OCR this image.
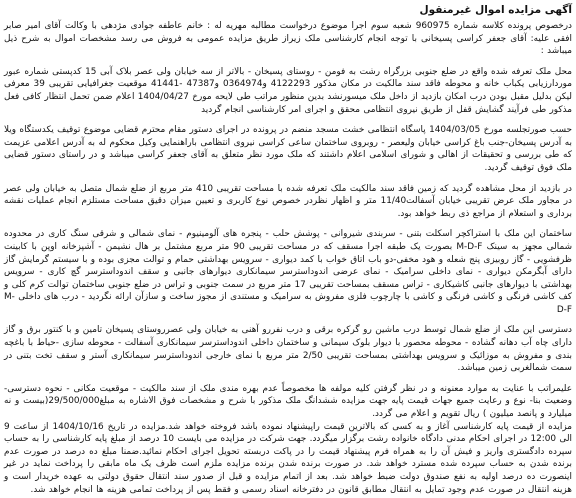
آگهی مزایده اموال غیرمنقول

درخصوص پرونده کلاسه شماره 960975 شعبه سوم اجرا موضوع درخواست مطالبه مهریه له : خانم عاطفه جوادی مژدهی با وکالت آقای امیر صابر افقی علیه: آقای جعفر کراسی پسیخانی با توجه انجام کارشناسی ملک زیراز طریق مزایده عمومی به فروش می رسد مشخصات اموال به شرح ذیل میباشد :

محل ملک تعرفه شده واقع در ضلع جنوبی بزرگراه رشت به فومن - روستای پسیخان - بالاتر از سه خیابان ولی عصر بلاک آبی 15 کدپستی شماره عبور موردارزیابی یکباب خانه و محوطه فاقد سند مالکیت در مکان مذکور 4122293 و0364974 و47387 -41441 موقعیت جغرافیایی تقریبی 39 معرفی لیکن بدلیل مقبل بودن درب امکان بازدید از داخل ملک میسورنشد بدین منظور مراتب طی لایحه مورخ 1404/04/27 اعلام ضمن تحمل انتظار کافی فعل مذکور طی فرآیند گشایش قفل از طریق نیروی انتظامی محقق و اجرای امر کارشناسی انجام گردید

حسب صورتجلسه مورخ 1404/03/05 پاسگاه انتظامی خشت مسجد منضم در پرونده در اجرای دستور مقام محترم قضایی موضوع توقیف یکدستگاه ویلا به آدرس پسیخان-جنب باغ کراسی خیابان ولیعصر - روبروی ساختمان ساعی کراسی نیروی انتظامی باراهنمایی وکیل محکوم له به آدرس اعلامی عزیمت که طی بررسی و تحقیقات از اهالی و شورای اسلامی اعلام داشتند که ملک مورد نظر متعلق به آقای جعفر کراسی میباشد و در راستای دستور قضایی ملک فوق توقیف گردید.

در بازدید از محل مشاهده گردید که زمین فاقد سند مالکیت ملک تعرفه شده با مساحت تقریبی 410 متر مربع از ضلع شمال متصل به خیابان ولی عصر در مجاور ملک عرض تقریبی خیابان آسفالت11/40 متر و اظهار نظردر خصوص نوع کاربری و تعیین میزان دقیق مساحت مستلزم انجام عملیات نقشه برداری و استعلام از مراجع ذی ربط خواهد بود.

ساختمان این ملک با استراکچر اسکلت بتنی - سربندی شیروانی - پوشش حلب - پنجره های آلومینیوم - نمای شمالی و شرقی سنگ کاری در محدوده شمالی مجهز به سینک M-D-F بصورت یک طبقه اجرا مسقف که در مساحت تقریبی 90 متر مربع مشتمل بر هال نشیمن - آشپزخانه اوپن با کابینت ظرفشویی - گاز روبیزی پنج شعله و هود مخفی-دو باب اتاق خواب با کمد دیواری - سرویس بهداشتی حمام و توالت مجزی بوده و با سیستم گرمایش گاز دارای آبگرمکن دیواری - نمای داخلی سرامیک - نمای عرضی اندوداسترسر سیمانکاری دیوارهای جانبی و سقف اندوداسترسر گچ کاری - سرویس بهداشتی با دیوارهای جانبی کاشیکاری - تراس مسقف بمساحت تقریبی 17 متر مربع در سمت جنوبی و تراس در ضلع جنوبی ساختمان توالت کرم کلی و کف کاشی فرنگی و کاشی فرنگی و کاشی با چارچوب فلزی مفروش به سرامیک و مستندی از مجوز ساخت و سازآن ارائه نگردید - درب های داخلی M-D-F

دسترسی این ملک از ضلع شمال توسط درب ماشین رو گرکره برقی و درب نفررو آهنی به خیابان ولی عصرروستای پسیخان تامین و با کنتور برق و گاز دارای چاه آب دهانه گشاده - محوطه محصور با دیوار بلوک سیمانی و ساختمان داخلی اندوداسترسر سیمانکاری آسفالت - محوطه سازی -حیاط با باغچه بندی و مفروش به موزائیک و سرویس بهداشتی بمساحت تقریبی 2/50 متر مربع با نمای خارجی اندوداسترسر سیمانکاری آستر و سقف تخت بتنی در سمت شمالغربی زمین میباشد.

علیمراتب با عنایت به موارد معنونه و در نظر گرفتن کلیه مولفه ها مخصوصاً عدم بهره مندی ملک از سند مالکیت - موقعیت مکانی - نحوه دسترسی- وضعیت بنا- نوع و رعایت جمیع جهات قیمت پایه جهت مزایده ششدانگ ملک مذکور با شرح و مشخصات فوق الاشاره به مبلغ29/500/000(بیست و نه میلیارد و پانصد میلیون ) ریال تقویم و اعلام می گردد.

مزایده از قیمت پایه کارشناسی آغاز و به کسی که بالاترین قیمت راپیشنهاد نموده باشد فروخته خواهد شد.مزایده در تاریخ 1404/10/16 از ساعت 9 الی 12:00 در اجرای احکام مدنی دادگاه خانواده رشت برگزار میگردد. جهت شرکت در مزایده می بایست 10 درصد از مبلغ پایه کارشناسی را به حساب سپرده دادگستری واریز و فیش آن را به همراه فرم پیشنهاد قیمت را در پاکت دربسته تحویل اجرای احکام نمائید.ضمنا مبلغ ده درصد در صورت عدم برنده شدن به حساب سپرده شده مسترد خواهد شد. در صورت برنده شدن برنده مزایده ملزم است ظرف یک ماه مابقی را پرداخت نماید در غیر اینصورت ده درصد اولیه به نفع صندوق دولت ضبط خواهد شد. بعد از اتمام مزایده و قبل از صدور سند انتقال حقوق دولتی به عهده خریدار است و هزینه انتقال در صورت عدم وجود تمایل به انتقال مطابق قانون در دفترخانه اسناد رسمی و فقط پس از پرداخت تمامی هزینه ها انجام خواهد شد.
